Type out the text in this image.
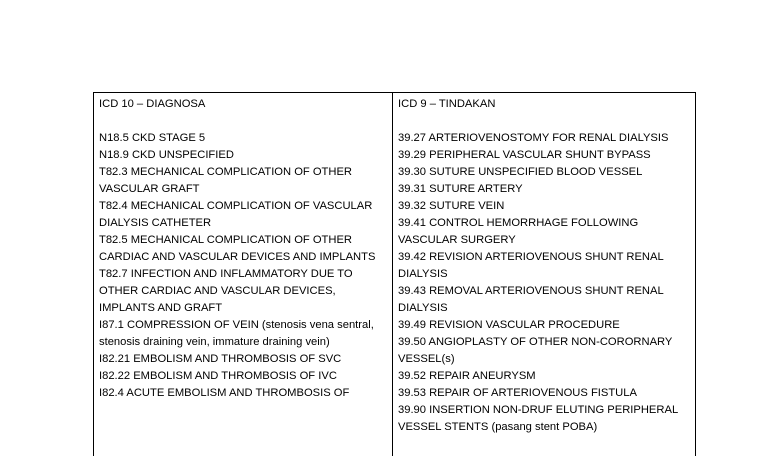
ICD 10 – DIAGNOSA
N18.5 CKD STAGE 5
N18.9 CKD UNSPECIFIED
T82.3 MECHANICAL COMPLICATION OF OTHER VASCULAR GRAFT
T82.4 MECHANICAL COMPLICATION OF VASCULAR DIALYSIS CATHETER
T82.5 MECHANICAL COMPLICATION OF OTHER CARDIAC AND VASCULAR DEVICES AND IMPLANTS
T82.7 INFECTION AND INFLAMMATORY DUE TO OTHER CARDIAC AND VASCULAR DEVICES, IMPLANTS AND GRAFT
I87.1 COMPRESSION OF VEIN (stenosis vena sentral, stenosis draining vein, immature draining vein)
I82.21 EMBOLISM AND THROMBOSIS OF SVC
I82.22 EMBOLISM AND THROMBOSIS OF IVC
I82.4 ACUTE EMBOLISM AND THROMBOSIS OF

ICD 9 – TINDAKAN
39.27 ARTERIOVENOSTOMY FOR RENAL DIALYSIS
39.29 PERIPHERAL VASCULAR SHUNT BYPASS
39.30 SUTURE UNSPECIFIED BLOOD VESSEL
39.31 SUTURE ARTERY
39.32 SUTURE VEIN
39.41 CONTROL HEMORRHAGE FOLLOWING VASCULAR SURGERY
39.42 REVISION ARTERIOVENOUS SHUNT RENAL DIALYSIS
39.43 REMOVAL ARTERIOVENOUS SHUNT RENAL DIALYSIS
39.49 REVISION VASCULAR PROCEDURE
39.50 ANGIOPLASTY OF OTHER NON-CORORNARY VESSEL(s)
39.52 REPAIR ANEURYSM
39.53 REPAIR OF ARTERIOVENOUS FISTULA
39.90 INSERTION NON-DRUF ELUTING PERIPHERAL VESSEL STENTS (pasang stent POBA)
